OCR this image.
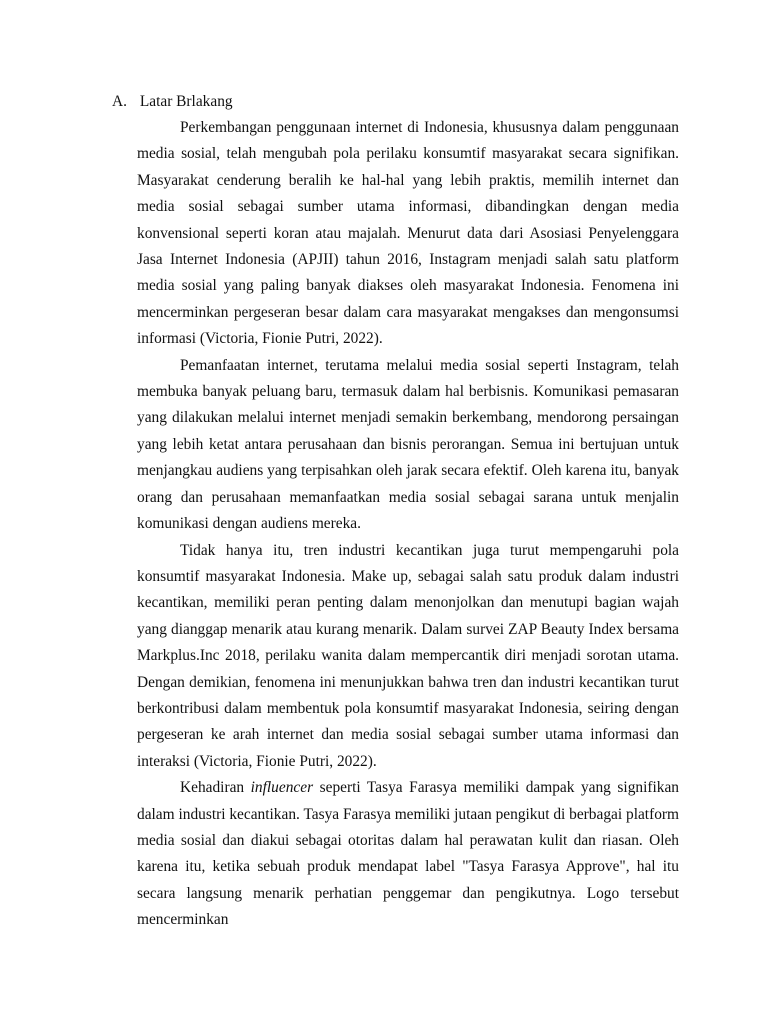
A. Latar Brlakang

Perkembangan penggunaan internet di Indonesia, khususnya dalam penggunaan media sosial, telah mengubah pola perilaku konsumtif masyarakat secara signifikan. Masyarakat cenderung beralih ke hal-hal yang lebih praktis, memilih internet dan media sosial sebagai sumber utama informasi, dibandingkan dengan media konvensional seperti koran atau majalah. Menurut data dari Asosiasi Penyelenggara Jasa Internet Indonesia (APJII) tahun 2016, Instagram menjadi salah satu platform media sosial yang paling banyak diakses oleh masyarakat Indonesia. Fenomena ini mencerminkan pergeseran besar dalam cara masyarakat mengakses dan mengonsumsi informasi (Victoria, Fionie Putri, 2022).

Pemanfaatan internet, terutama melalui media sosial seperti Instagram, telah membuka banyak peluang baru, termasuk dalam hal berbisnis. Komunikasi pemasaran yang dilakukan melalui internet menjadi semakin berkembang, mendorong persaingan yang lebih ketat antara perusahaan dan bisnis perorangan. Semua ini bertujuan untuk menjangkau audiens yang terpisahkan oleh jarak secara efektif. Oleh karena itu, banyak orang dan perusahaan memanfaatkan media sosial sebagai sarana untuk menjalin komunikasi dengan audiens mereka.

Tidak hanya itu, tren industri kecantikan juga turut mempengaruhi pola konsumtif masyarakat Indonesia. Make up, sebagai salah satu produk dalam industri kecantikan, memiliki peran penting dalam menonjolkan dan menutupi bagian wajah yang dianggap menarik atau kurang menarik. Dalam survei ZAP Beauty Index bersama Markplus.Inc 2018, perilaku wanita dalam mempercantik diri menjadi sorotan utama. Dengan demikian, fenomena ini menunjukkan bahwa tren dan industri kecantikan turut berkontribusi dalam membentuk pola konsumtif masyarakat Indonesia, seiring dengan pergeseran ke arah internet dan media sosial sebagai sumber utama informasi dan interaksi (Victoria, Fionie Putri, 2022).

Kehadiran influencer seperti Tasya Farasya memiliki dampak yang signifikan dalam industri kecantikan. Tasya Farasya memiliki jutaan pengikut di berbagai platform media sosial dan diakui sebagai otoritas dalam hal perawatan kulit dan riasan. Oleh karena itu, ketika sebuah produk mendapat label "Tasya Farasya Approve", hal itu secara langsung menarik perhatian penggemar dan pengikutnya. Logo tersebut mencerminkan
